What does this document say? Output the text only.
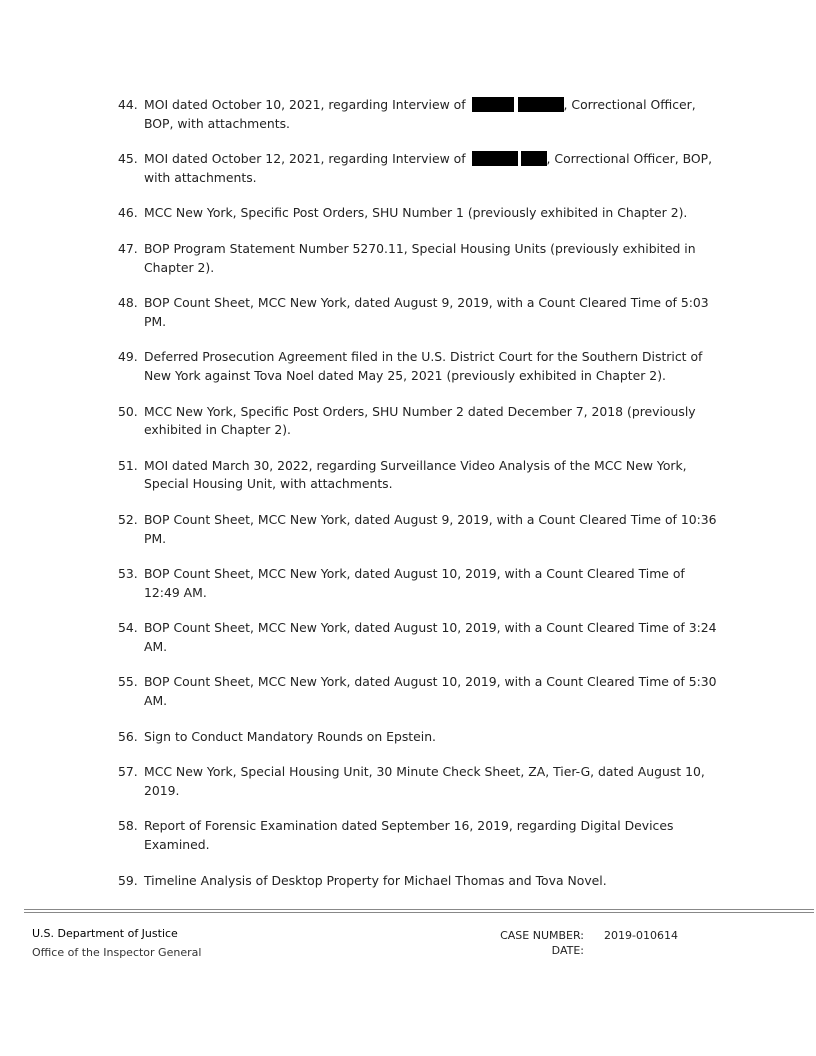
44. MOI dated October 10, 2021, regarding Interview of	, Correctional Officer, BOP, with attachments.
45. MOI dated October 12, 2021, regarding Interview of	, Correctional Officer, BOP, with attachments.
46. MCC New York, Specific Post Orders, SHU Number 1 (previously exhibited in Chapter 2).
47. BOP Program Statement Number 5270.11, Special Housing Units (previously exhibited in Chapter 2).
48. BOP Count Sheet, MCC New York, dated August 9, 2019, with a Count Cleared Time of 5:03 PM.
49. Deferred Prosecution Agreement filed in the U.S. District Court for the Southern District of New York against Tova Noel dated May 25, 2021 (previously exhibited in Chapter 2).
50. MCC New York, Specific Post Orders, SHU Number 2 dated December 7, 2018 (previously exhibited in Chapter 2).
51. MOI dated March 30, 2022, regarding Surveillance Video Analysis of the MCC New York, Special Housing Unit, with attachments.
52. BOP Count Sheet, MCC New York, dated August 9, 2019, with a Count Cleared Time of 10:36 PM.
53. BOP Count Sheet, MCC New York, dated August 10, 2019, with a Count Cleared Time of 12:49 AM.
54. BOP Count Sheet, MCC New York, dated August 10, 2019, with a Count Cleared Time of 3:24 AM.
55. BOP Count Sheet, MCC New York, dated August 10, 2019, with a Count Cleared Time of 5:30 AM.
56. Sign to Conduct Mandatory Rounds on Epstein.
57. MCC New York, Special Housing Unit, 30 Minute Check Sheet, ZA, Tier-G, dated August 10, 2019.
58. Report of Forensic Examination dated September 16, 2019, regarding Digital Devices Examined.
59. Timeline Analysis of Desktop Property for Michael Thomas and Tova Novel.
U.S. Department of Justice
Office of the Inspector General
CASE NUMBER: 2019-010614
DATE:
